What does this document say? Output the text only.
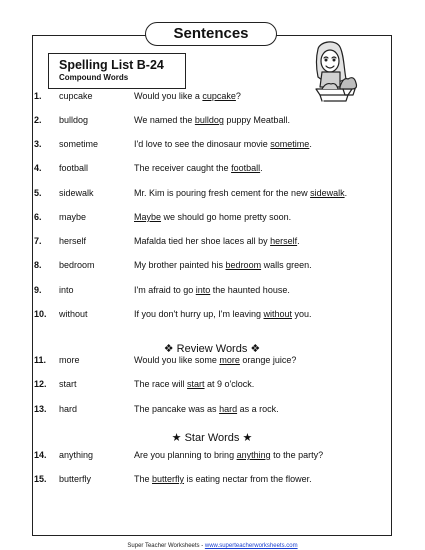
Sentences
Spelling List B-24
Compound Words
1. cupcake	Would you like a cupcake?
2. bulldog	We named the bulldog puppy Meatball.
3. sometime	I'd love to see the dinosaur movie sometime.
4. football	The receiver caught the football.
5. sidewalk	Mr. Kim is pouring fresh cement for the new sidewalk.
6. maybe	Maybe we should go home pretty soon.
7. herself	Mafalda tied her shoe laces all by herself.
8. bedroom	My brother painted his bedroom walls green.
9. into	I'm afraid to go into the haunted house.
10. without	If you don't hurry up, I'm leaving without you.
11. more	Would you like some more orange juice?
12. start	The race will start at 9 o'clock.
13. hard	The pancake was as hard as a rock.
14. anything	Are you planning to bring anything to the party?
15. butterfly	The butterfly is eating nectar from the flower.
❖ Review Words ❖
★ Star Words ★
Super Teacher Worksheets - www.superteacherworksheets.com
